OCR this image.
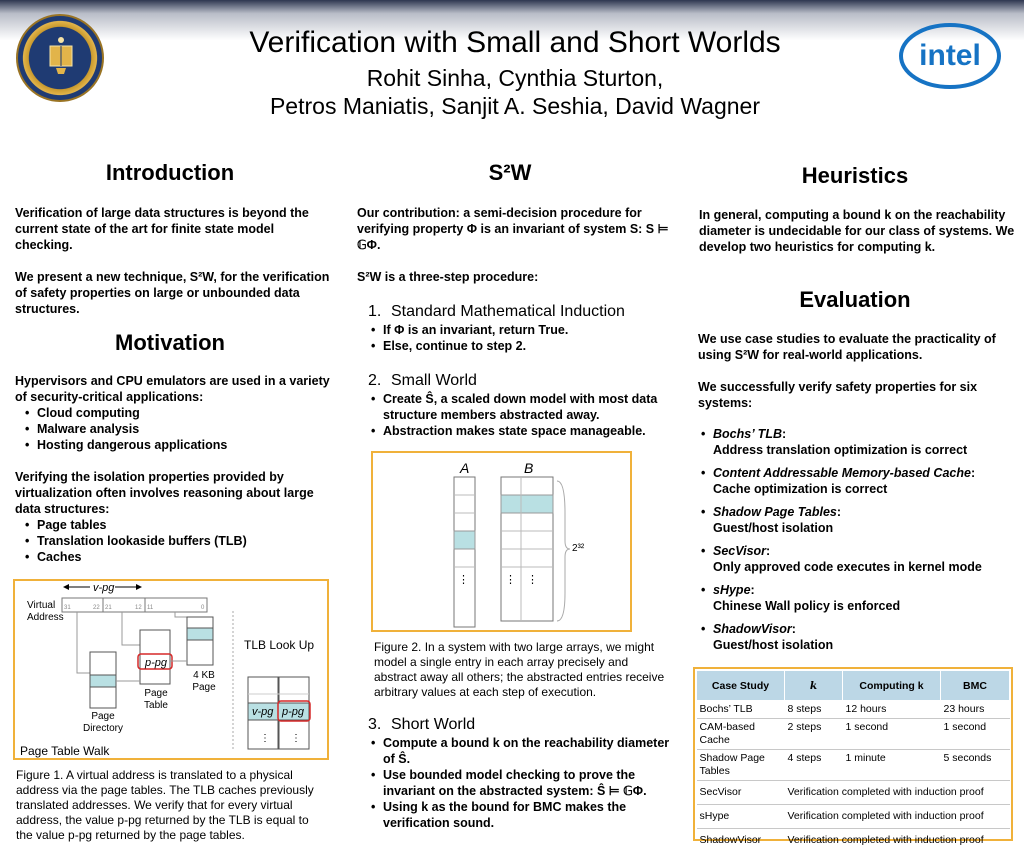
intel
Verification with Small and Short Worlds
Rohit Sinha, Cynthia Sturton,
Petros Maniatis, Sanjit A. Seshia, David Wagner
Introduction

Verification of large data structures is beyond the current state of the art for finite state model checking.

We present a new technique, S²W, for the verification of safety properties on large or unbounded data structures.

Motivation
Hypervisors and CPU emulators are used in a variety of security-critical applications:
• Cloud computing
• Malware analysis
• Hosting dangerous applications
Verifying the isolation properties provided by virtualization often involves reasoning about large data structures:
• Page tables
• Translation lookaside buffers (TLB)
• Caches
v-pg
Virtual
Address
31	22 21	12 11	0
Page
Directory
p-pg
Page
Table
4 KB
Page
TLB Look Up
v-pg p-pg
⋮ ⋮
Page Table Walk
Figure 1. A virtual address is translated to a physical address via the page tables. The TLB caches previously translated addresses. We verify that for every virtual address, the value p-pg returned by the TLB is equal to the value p-pg returned by the page tables.
S²W

Our contribution: a semi-decision procedure for verifying property Φ is an invariant of system S: S ⊨ 𝔾Φ.

S²W is a three-step procedure:

1. Standard Mathematical Induction
• If Φ is an invariant, return True.
• Else, continue to step 2.
2. Small World
• Create Ŝ, a scaled down model with most data structure members abstracted away.
• Abstraction makes state space manageable.
A	B
⋮	⋮ ⋮
2³²
Figure 2. In a system with two large arrays, we might model a single entry in each array precisely and abstract away all others; the abstracted entries receive arbitrary values at each step of execution.
3. Short World
• Compute a bound k on the reachability diameter of Ŝ.
• Use bounded model checking to prove the invariant on the abstracted system: Ŝ ⊨ 𝔾Φ.
• Using k as the bound for BMC makes the verification sound.
Heuristics
In general, computing a bound k on the reachability diameter is undecidable for our class of systems. We develop two heuristics for computing k.
Evaluation

We use case studies to evaluate the practicality of using S²W for real-world applications.

We successfully verify safety properties for six systems:

• Bochs’ TLB:
Address translation optimization is correct
• Content Addressable Memory-based Cache:
Cache optimization is correct
• Shadow Page Tables:
Guest/host isolation
• SecVisor:
Only approved code executes in kernel mode
• sHype:
Chinese Wall policy is enforced
• ShadowVisor:
Guest/host isolation
Case Study	k	Computing k	BMC
Bochs’ TLB	8 steps	12 hours	23 hours
CAM-based Cache	2 steps	1 second	1 second
Shadow Page Tables	4 steps	1 minute	5 seconds
SecVisor	Verification completed with induction proof		
sHype	Verification completed with induction proof		
ShadowVisor	Verification completed with induction proof		
